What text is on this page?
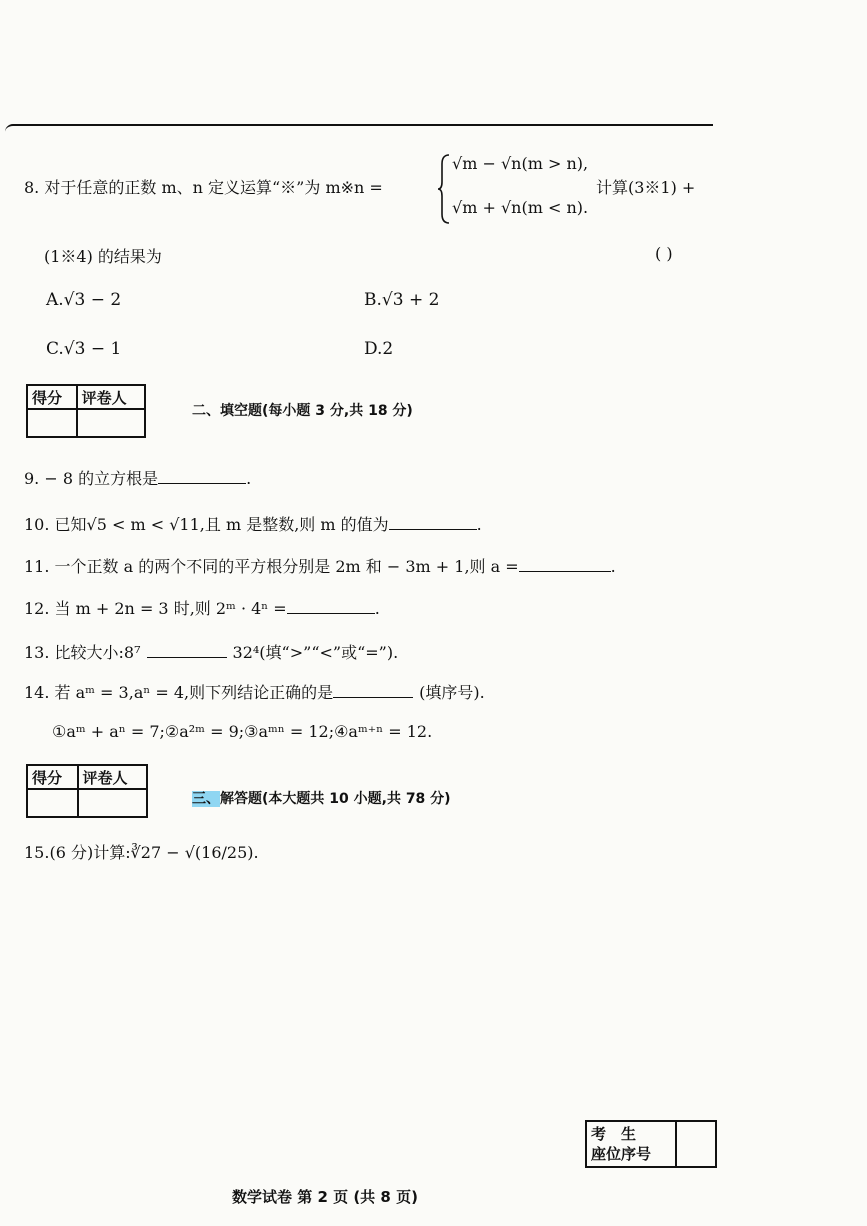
8. 对于任意的正数 m、n 定义运算“※”为 m※n =
√m − √n(m > n),
√m + √n(m < n).
计算(3※1) +
(1※4) 的结果为	( )
A.√3 − 2	B.√3 + 2
C.√3 − 1	D.2
得分	评卷人

二、填空题(每小题 3 分,共 18 分)
9. − 8 的立方根是	.
10. 已知√5 < m < √11,且 m 是整数,则 m 的值为	.
11. 一个正数 a 的两个不同的平方根分别是 2m 和 − 3m + 1,则 a =	.
12. 当 m + 2n = 3 时,则 2ᵐ · 4ⁿ =	.
13. 比较大小:8⁷	32⁴(填“>”“<”或“=”).
14. 若 aᵐ = 3,aⁿ = 4,则下列结论正确的是	(填序号).
①aᵐ + aⁿ = 7;②a²ᵐ = 9;③aᵐⁿ = 12;④aᵐ⁺ⁿ = 12.
得分	评卷人

三、解答题(本大题共 10 小题,共 78 分)
15.(6 分)计算:∛27 − √(16/25).
考　生
座位序号

数学试卷 第 2 页 (共 8 页)
